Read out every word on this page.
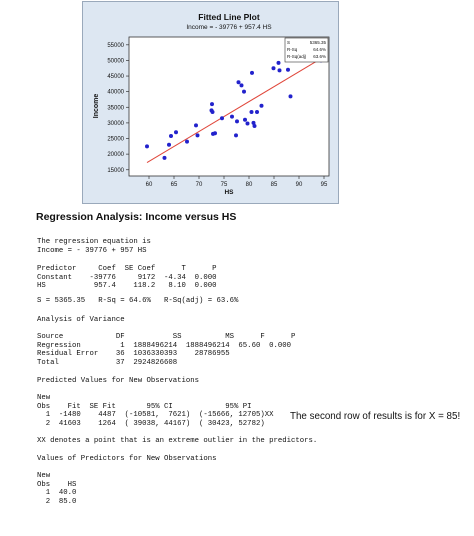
Fitted Line Plot
Income = - 39776 + 957.4 HS
15000
20000
25000
30000
35000
40000
45000
50000
55000
60	65	70	75	80	85	90	95
Income
HS
S
R-Sq
R-Sq(adj)
5365.35
64.6%
63.6%
Regression Analysis: Income versus HS
The regression equation is
Income = - 39776 + 957 HS
Predictor     Coef  SE Coef      T      P
Constant    -39776     9172  -4.34  0.000
HS           957.4    118.2   8.10  0.000
S = 5365.35   R-Sq = 64.6%   R-Sq(adj) = 63.6%
Analysis of Variance

Source            DF           SS          MS      F      P
Regression         1  1888496214  1888496214  65.60  0.000
Residual Error    36  1036330393    28786955
Total             37  2924826608
Predicted Values for New Observations

New
Obs    Fit  SE Fit       95% CI            95% PI
1  -1480    4487  (-10581,  7621)  (-15666, 12705)XX
2  41603    1264  ( 39038, 44167)  ( 30423, 52782)
The second row of results is for X = 85!
XX denotes a point that is an extreme outlier in the predictors.
Values of Predictors for New Observations

New
Obs    HS
1  40.0
2  85.0
